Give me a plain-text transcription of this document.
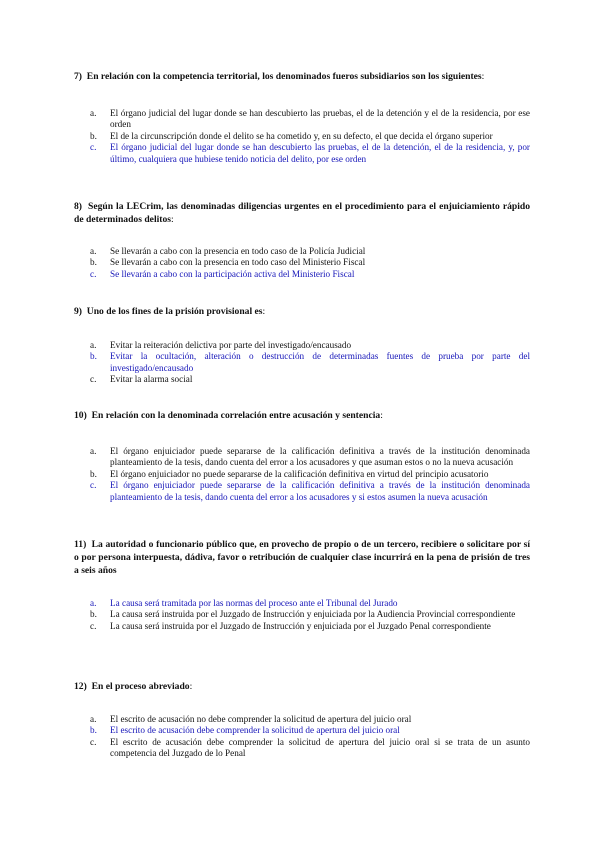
7) En relación con la competencia territorial, los denominados fueros subsidiarios son los siguientes:

a. El órgano judicial del lugar donde se han descubierto las pruebas, el de la detención y el de la residencia, por ese orden
b. El de la circunscripción donde el delito se ha cometido y, en su defecto, el que decida el órgano superior
c. El órgano judicial del lugar donde se han descubierto las pruebas, el de la detención, el de la residencia, y, por último, cualquiera que hubiese tenido noticia del delito, por ese orden

8) Según la LECrim, las denominadas diligencias urgentes en el procedimiento para el enjuiciamiento rápido de determinados delitos:

a. Se llevarán a cabo con la presencia en todo caso de la Policía Judicial
b. Se llevarán a cabo con la presencia en todo caso del Ministerio Fiscal
c. Se llevarán a cabo con la participación activa del Ministerio Fiscal

9) Uno de los fines de la prisión provisional es:

a. Evitar la reiteración delictiva por parte del investigado/encausado
b. Evitar la ocultación, alteración o destrucción de determinadas fuentes de prueba por parte del investigado/encausado
c. Evitar la alarma social

10) En relación con la denominada correlación entre acusación y sentencia:

a. El órgano enjuiciador puede separarse de la calificación definitiva a través de la institución denominada planteamiento de la tesis, dando cuenta del error a los acusadores y que asuman estos o no la nueva acusación
b. El órgano enjuiciador no puede separarse de la calificación definitiva en virtud del principio acusatorio
c. El órgano enjuiciador puede separarse de la calificación definitiva a través de la institución denominada planteamiento de la tesis, dando cuenta del error a los acusadores y si estos asumen la nueva acusación

11) La autoridad o funcionario público que, en provecho de propio o de un tercero, recibiere o solicitare por sí o por persona interpuesta, dádiva, favor o retribución de cualquier clase incurrirá en la pena de prisión de tres a seis años

a. La causa será tramitada por las normas del proceso ante el Tribunal del Jurado
b. La causa será instruida por el Juzgado de Instrucción y enjuiciada por la Audiencia Provincial correspondiente
c. La causa será instruida por el Juzgado de Instrucción y enjuiciada por el Juzgado Penal correspondiente

12) En el proceso abreviado:

a. El escrito de acusación no debe comprender la solicitud de apertura del juicio oral
b. El escrito de acusación debe comprender la solicitud de apertura del juicio oral
c. El escrito de acusación debe comprender la solicitud de apertura del juicio oral si se trata de un asunto competencia del Juzgado de lo Penal
